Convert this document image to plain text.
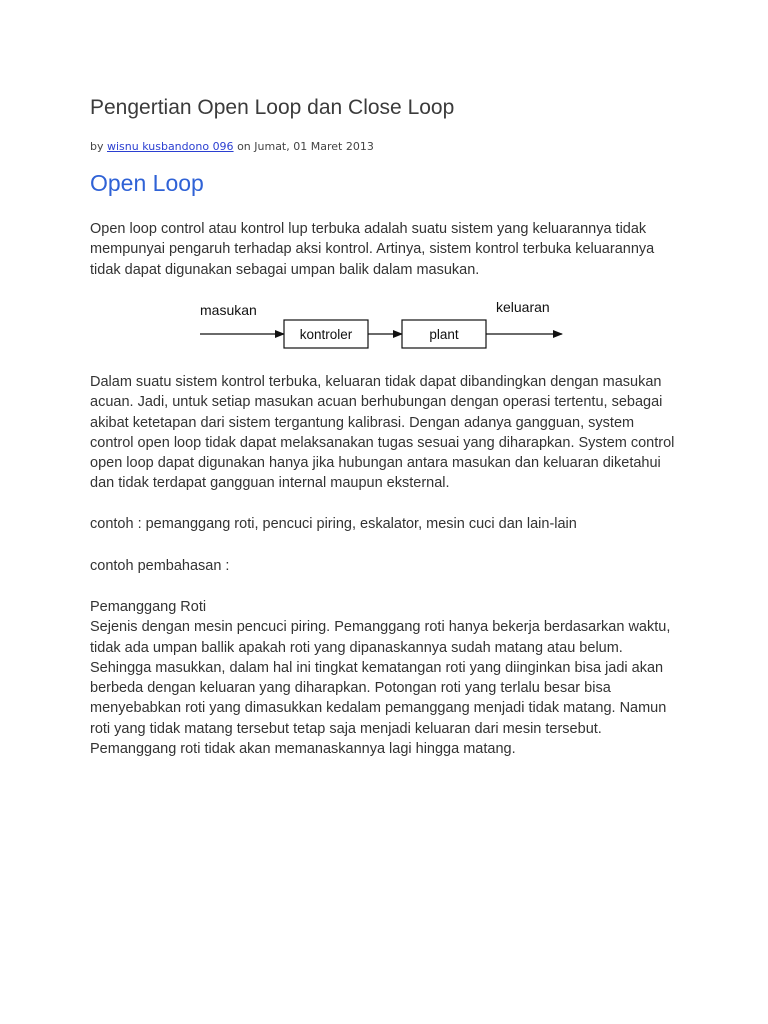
Pengertian Open Loop dan Close Loop
by wisnu kusbandono 096 on Jumat, 01 Maret 2013
Open Loop

Open loop control atau kontrol lup terbuka adalah suatu sistem yang keluarannya tidak
mempunyai pengaruh terhadap aksi kontrol. Artinya, sistem kontrol terbuka keluarannya
tidak dapat digunakan sebagai umpan balik dalam masukan.

masukan
kontroler	plant
keluaran

Dalam suatu sistem kontrol terbuka, keluaran tidak dapat dibandingkan dengan masukan
acuan. Jadi, untuk setiap masukan acuan berhubungan dengan operasi tertentu, sebagai
akibat ketetapan dari sistem tergantung kalibrasi. Dengan adanya gangguan, system
control open loop tidak dapat melaksanakan tugas sesuai yang diharapkan. System control
open loop dapat digunakan hanya jika hubungan antara masukan dan keluaran diketahui
dan tidak terdapat gangguan internal maupun eksternal.

contoh : pemanggang roti, pencuci piring, eskalator, mesin cuci dan lain-lain

contoh pembahasan :

Pemanggang Roti
Sejenis dengan mesin pencuci piring. Pemanggang roti hanya bekerja berdasarkan waktu,
tidak ada umpan ballik apakah roti yang dipanaskannya sudah matang atau belum.
Sehingga masukkan, dalam hal ini tingkat kematangan roti yang diinginkan bisa jadi akan
berbeda dengan keluaran yang diharapkan. Potongan roti yang terlalu besar bisa
menyebabkan roti yang dimasukkan kedalam pemanggang menjadi tidak matang. Namun
roti yang tidak matang tersebut tetap saja menjadi keluaran dari mesin tersebut.
Pemanggang roti tidak akan memanaskannya lagi hingga matang.
